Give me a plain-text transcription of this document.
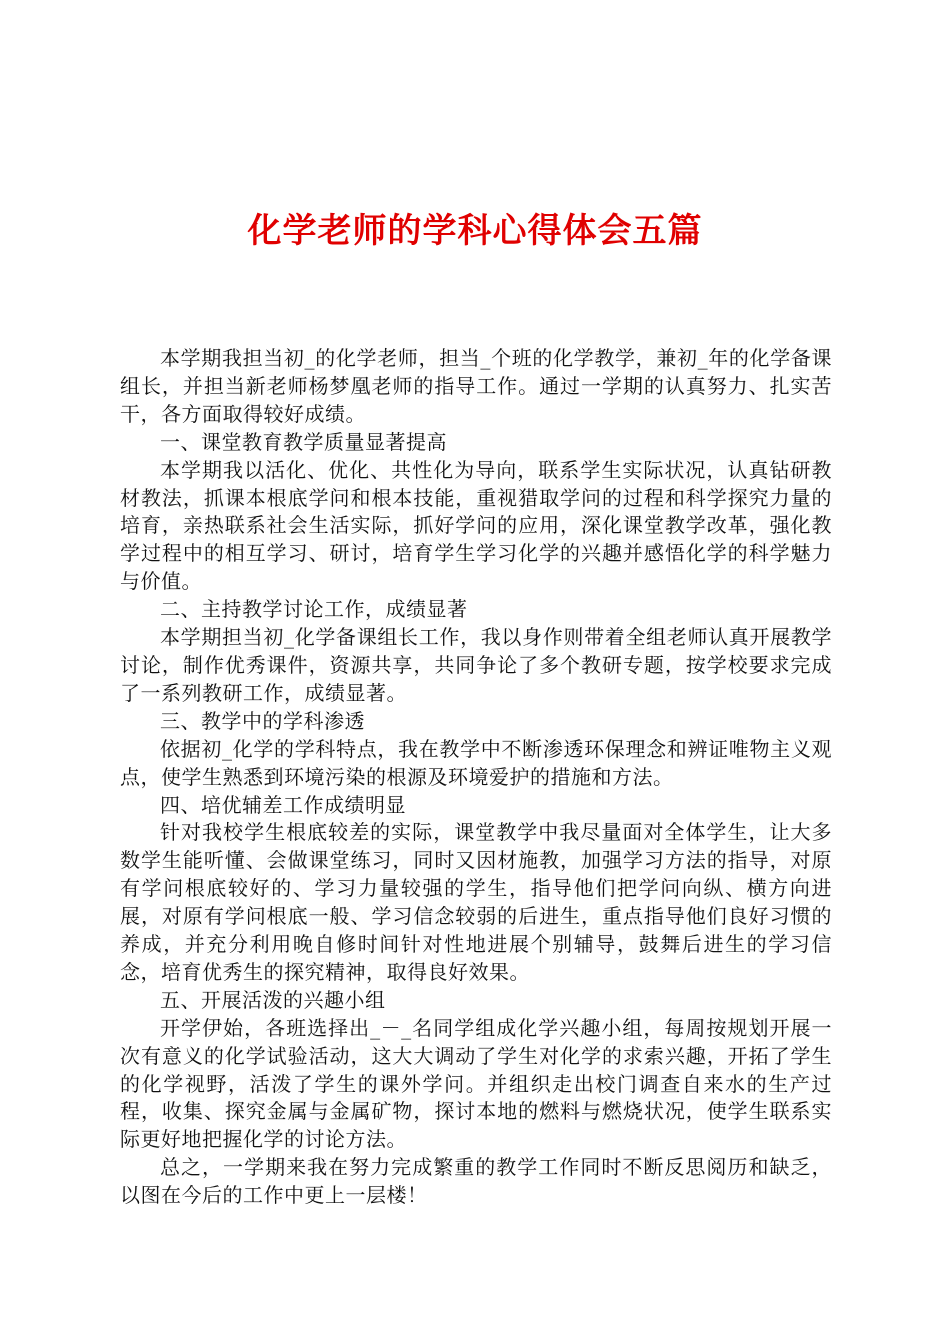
化学老师的学科心得体会五篇

本学期我担当初_的化学老师，担当_个班的化学教学，兼初_年的化学备课组长，并担当新老师杨梦凰老师的指导工作。通过一学期的认真努力、扎实苦干，各方面取得较好成绩。

一、课堂教育教学质量显著提高

本学期我以活化、优化、共性化为导向，联系学生实际状况，认真钻研教材教法，抓课本根底学问和根本技能，重视猎取学问的过程和科学探究力量的培育，亲热联系社会生活实际，抓好学问的应用，深化课堂教学改革，强化教学过程中的相互学习、研讨，培育学生学习化学的兴趣并感悟化学的科学魅力与价值。

二、主持教学讨论工作，成绩显著

本学期担当初_化学备课组长工作，我以身作则带着全组老师认真开展教学讨论，制作优秀课件，资源共享，共同争论了多个教研专题，按学校要求完成了一系列教研工作，成绩显著。

三、教学中的学科渗透

依据初_化学的学科特点，我在教学中不断渗透环保理念和辨证唯物主义观点，使学生熟悉到环境污染的根源及环境爱护的措施和方法。

四、培优辅差工作成绩明显

针对我校学生根底较差的实际，课堂教学中我尽量面对全体学生，让大多数学生能听懂、会做课堂练习，同时又因材施教，加强学习方法的指导，对原有学问根底较好的、学习力量较强的学生，指导他们把学问向纵、横方向进展，对原有学问根底一般、学习信念较弱的后进生，重点指导他们良好习惯的养成，并充分利用晚自修时间针对性地进展个别辅导，鼓舞后进生的学习信念，培育优秀生的探究精神，取得良好效果。

五、开展活泼的兴趣小组

开学伊始，各班选择出_－_名同学组成化学兴趣小组，每周按规划开展一次有意义的化学试验活动，这大大调动了学生对化学的求索兴趣，开拓了学生的化学视野，活泼了学生的课外学问。并组织走出校门调查自来水的生产过程，收集、探究金属与金属矿物，探讨本地的燃料与燃烧状况，使学生联系实际更好地把握化学的讨论方法。

总之，一学期来我在努力完成繁重的教学工作同时不断反思阅历和缺乏，以图在今后的工作中更上一层楼！
